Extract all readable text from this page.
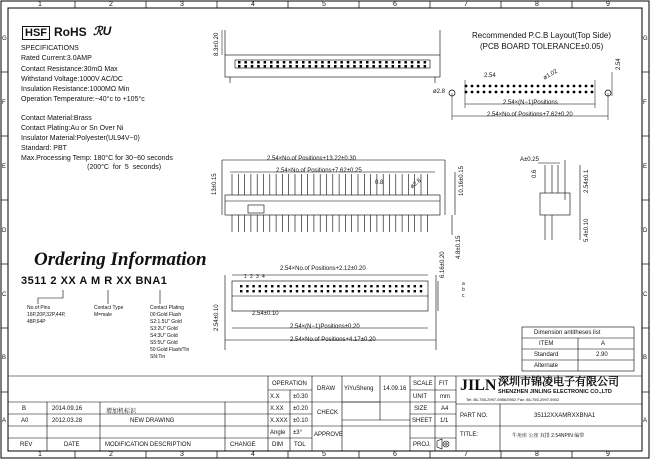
1	2	3	4	5	6	7	8	9
1	2	3	4	5	6	7	8	9
G
F
E
D
C
B
A
G
F
E
D
C
B
A
HSF RoHS ℛU
SPECIFICATIONS
Rated Current:3.0AMP
Contact Resistance:30mΩ Max
Withstand Voltage:1000V AC/DC
Insulation Resistance:1000MΩ Min
Operation Temperature:−40°c to +105°c
Contact Material:Brass
Contact Plating:Au or Sn Over Ni
Insulator Material:Polyester(UL94V−0)
Standard: PBT
Max.Processing Temp: 180°C for 30−60 seconds
(200°C  for  5  seconds)
Recommended P.C.B Layout(Top Side)
(PCB BOARD TOLERANCE±0.05)
2.54	ø1.02
2.54
ø2.8
2.54×(N−1)Positions
2.54×No.of Positions+7.62±0.20
8.3±0.20
2.54×No.of Positions+13.22±0.30
2.54×No.of Positions+7.62±0.25
0.8	ø2.8
13±0.15	10.16±0.15
4.8±0.15
A±0.25
0.6	2.54±0.1
5.4±0.10
Ordering Information
3511 2 XX A M R XX BNA1
No.of Pins
16P,20P,32P,44P,
48P,64P
Contact Type
M=male
Contact Plating
00:Gold Flash
S2:1.5U" Gold
S3:2U" Gold
S4:3U" Gold
S5:5U" Gold
50:Gold Flash/Tin
SN:Tin
2.54×No.of Positions+2.12±0.20	6.16±0.20
2.54±0.10
2.54×(N−1)Positions±0.20
2.54×No.of Positions+4.17±0.20
2.54±0.10
1 2 3 4
a
b
c
Dimension antitheses list
ITEM	A
Standard	2.90
Alternate
OPERATION
X.X ±0.30
X.XX ±0.20
X.XXX ±0.10
Angle ±3°
DIM TOL
DRAW YiYuSheng 14.09.16
CHECK
APPROVE
SCALE FIT
UNIT mm
SIZE A4
SHEET 1/1
PROJ.
JILN 深圳市锦凌电子有限公司
SHENZHEN JINLING ELECTRONIC CO.,LTD
Tel: 86-755-2997-5956/5902 Fax: 86-755-2997-5902
PART NO.	35112XXAMRXXBNA1
TITLE:	牛角座 公座 双排 2.54NPIN 编带
B	2014.09.16	增加机标识
A0	2012.03.28	NEW DRAWING
REV	DATE	MODIFICATION DESCRIPTION	CHANGE
